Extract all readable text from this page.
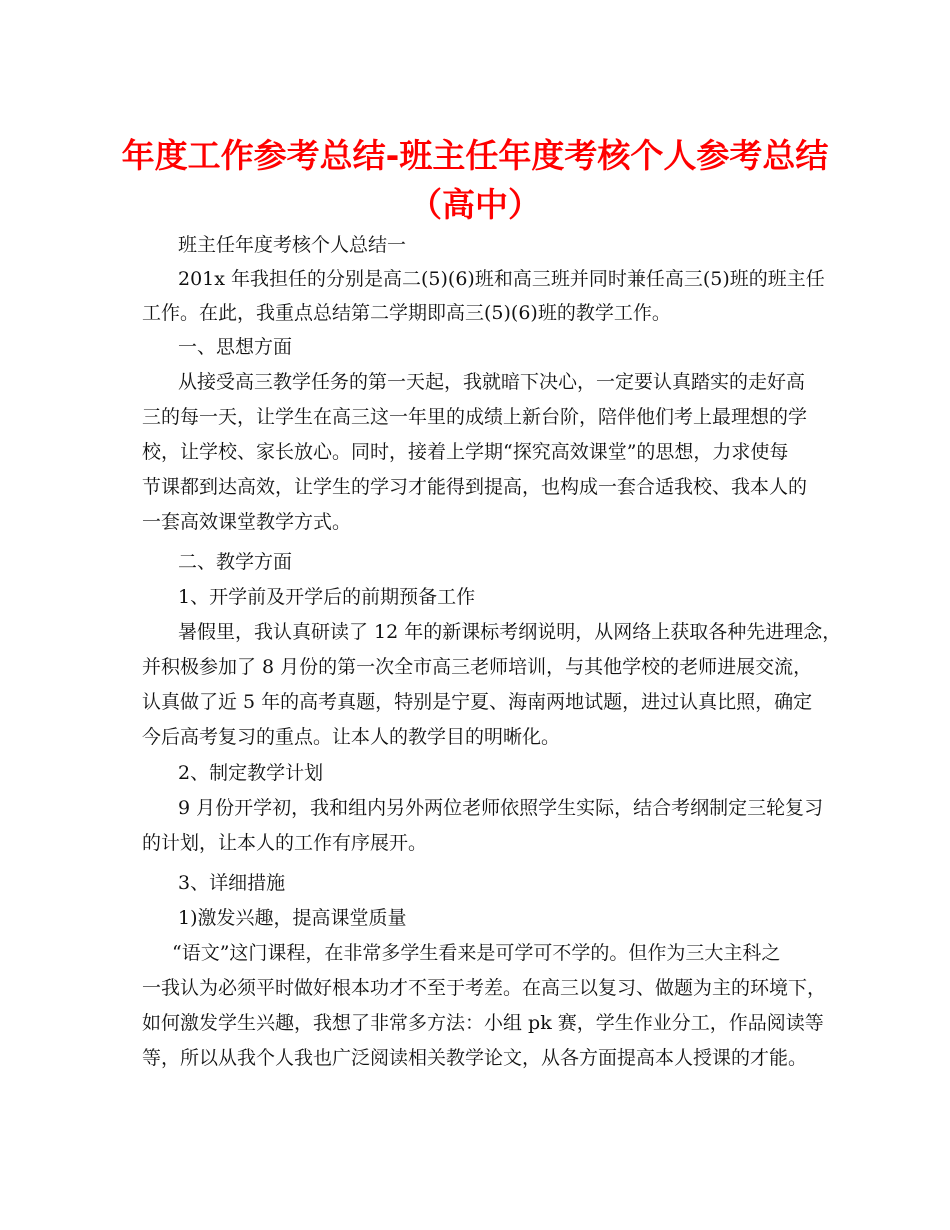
年度工作参考总结-班主任年度考核个人参考总结
（高中）
班主任年度考核个人总结一
201x 年我担任的分别是高二(5)(6)班和高三班并同时兼任高三(5)班的班主任
工作。在此，我重点总结第二学期即高三(5)(6)班的教学工作。
一、思想方面
从接受高三教学任务的第一天起，我就暗下决心，一定要认真踏实的走好高
三的每一天，让学生在高三这一年里的成绩上新台阶，陪伴他们考上最理想的学
校，让学校、家长放心。同时，接着上学期“探究高效课堂”的思想，力求使每
节课都到达高效，让学生的学习才能得到提高，也构成一套合适我校、我本人的
一套高效课堂教学方式。
二、教学方面
1、开学前及开学后的前期预备工作
暑假里，我认真研读了 12 年的新课标考纲说明，从网络上获取各种先进理念，
并积极参加了 8 月份的第一次全市高三老师培训，与其他学校的老师进展交流，
认真做了近 5 年的高考真题，特别是宁夏、海南两地试题，进过认真比照，确定
今后高考复习的重点。让本人的教学目的明晰化。
2、制定教学计划
9 月份开学初，我和组内另外两位老师依照学生实际，结合考纲制定三轮复习
的计划，让本人的工作有序展开。
3、详细措施
1)激发兴趣，提高课堂质量
“语文”这门课程，在非常多学生看来是可学可不学的。但作为三大主科之
一我认为必须平时做好根本功才不至于考差。在高三以复习、做题为主的环境下，
如何激发学生兴趣，我想了非常多方法：小组 pk 赛，学生作业分工，作品阅读等
等，所以从我个人我也广泛阅读相关教学论文，从各方面提高本人授课的才能。
